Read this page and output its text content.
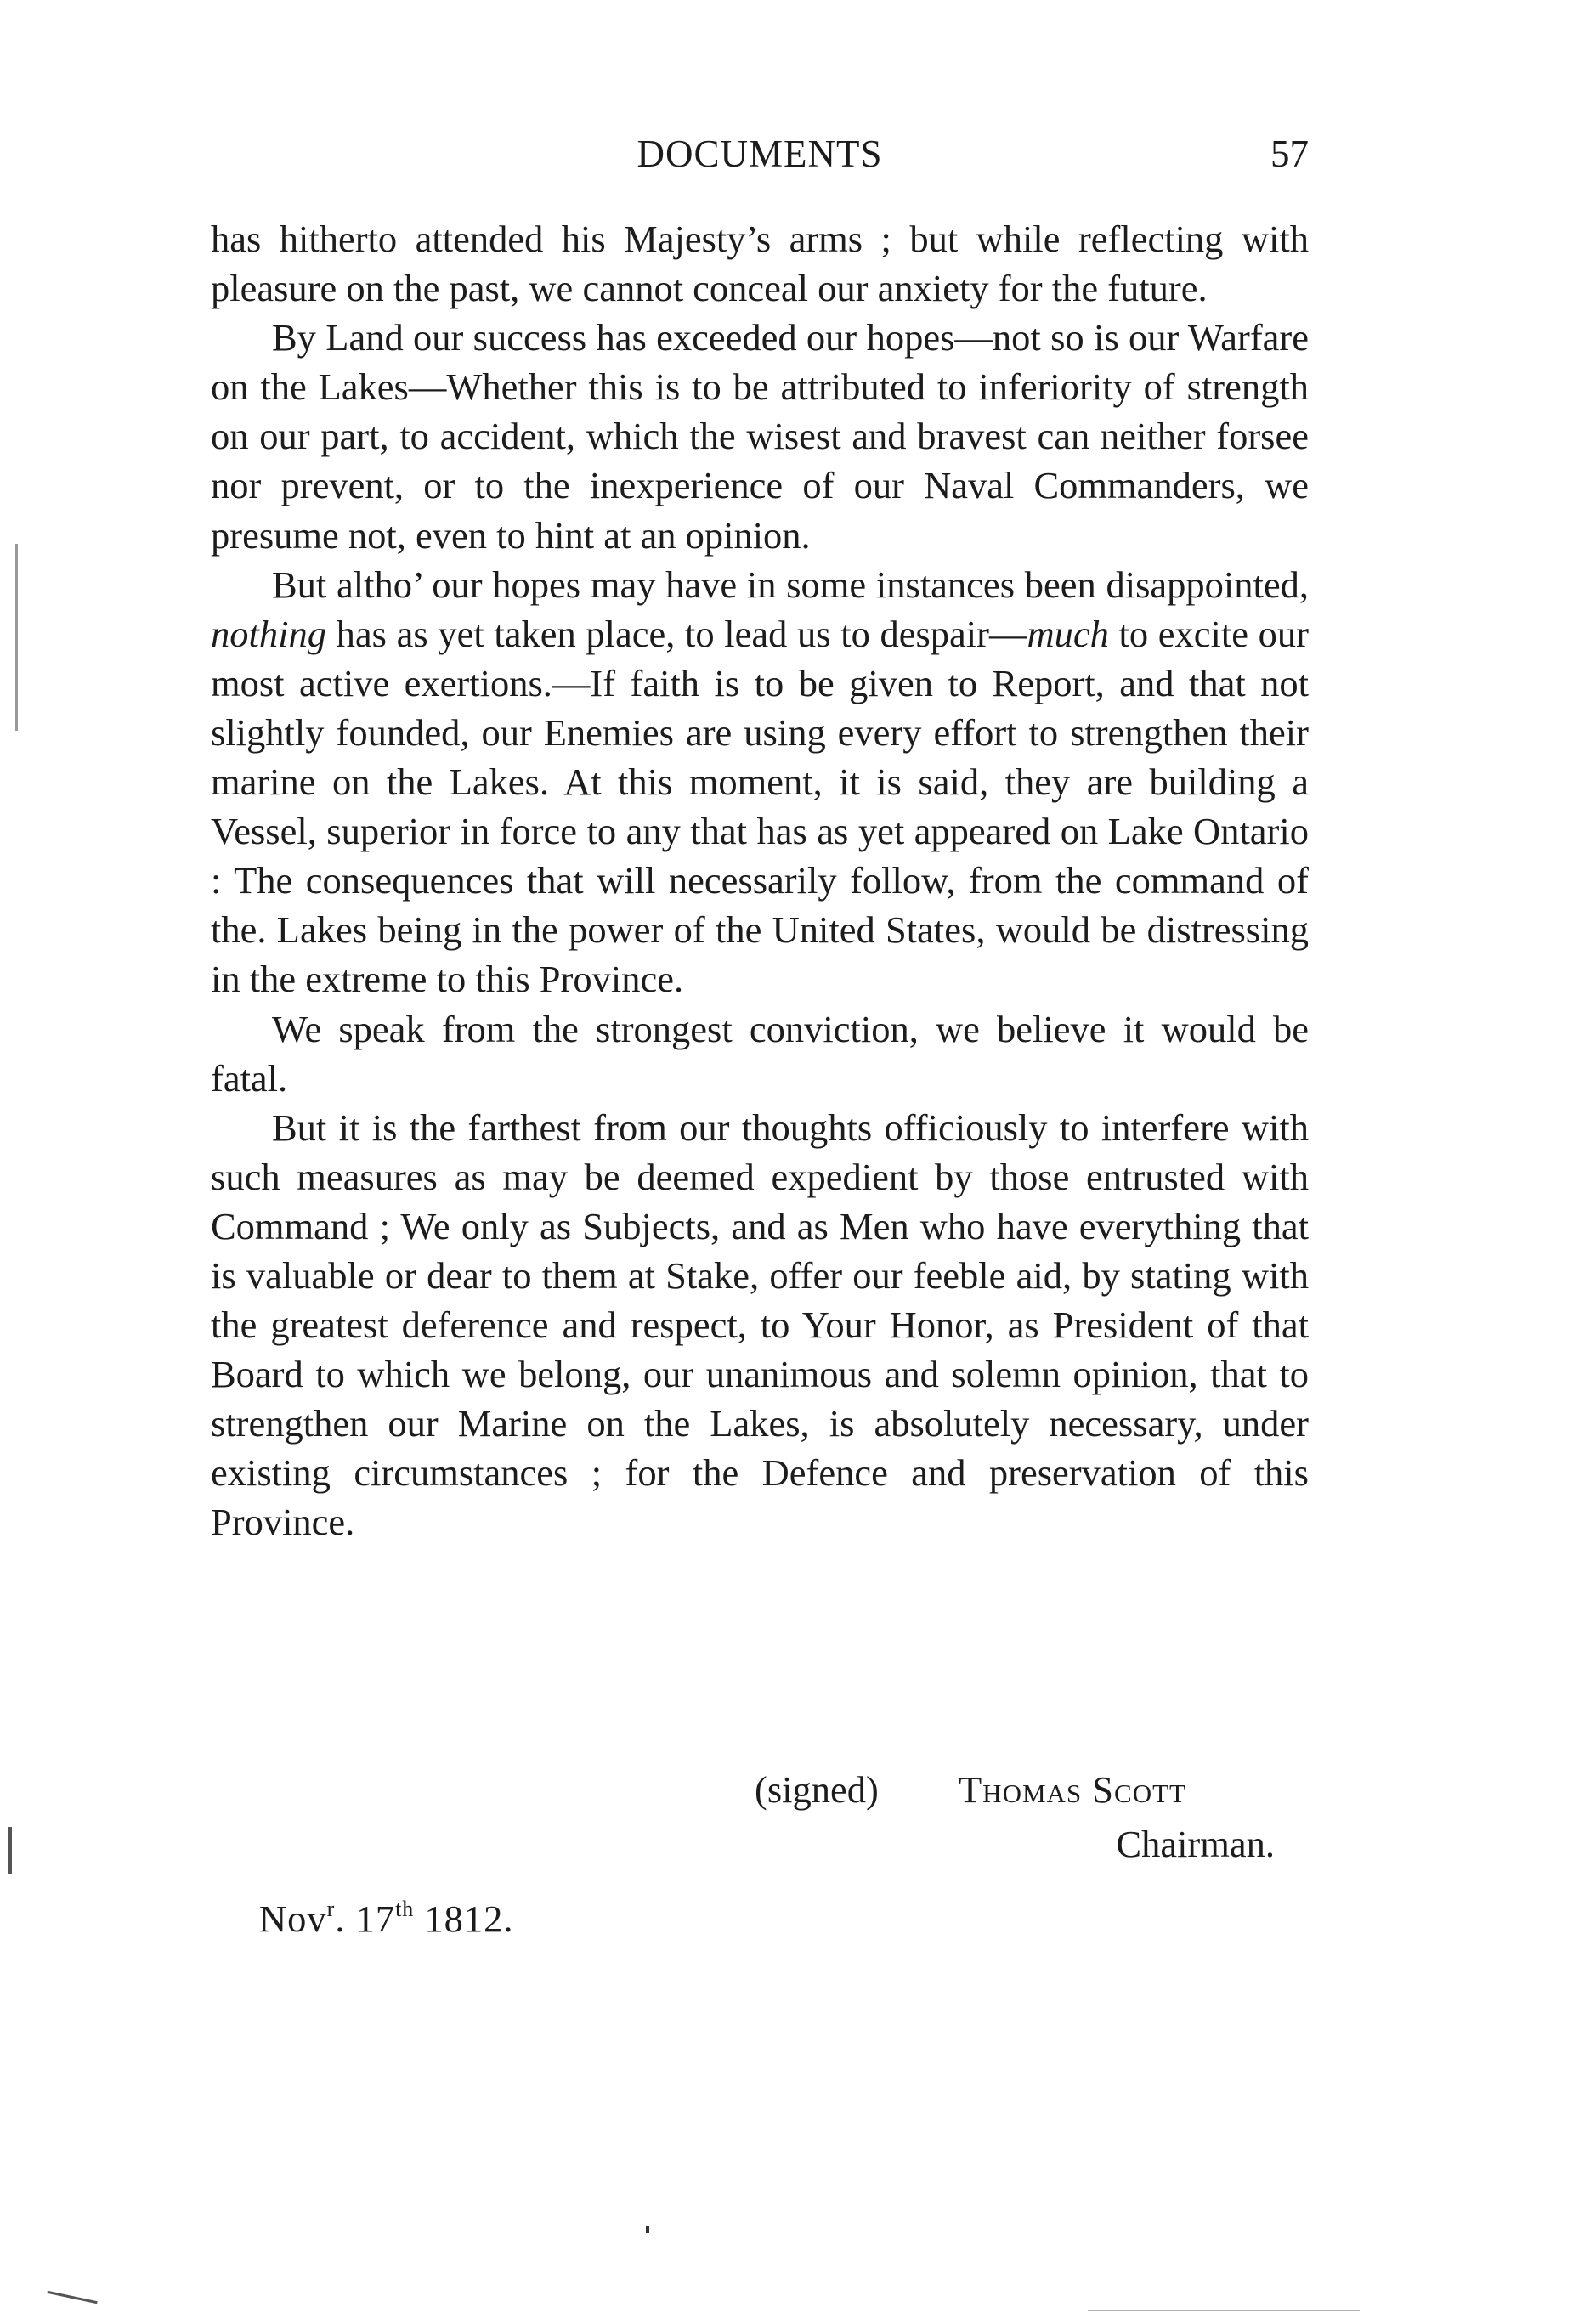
DOCUMENTS	57

has hitherto attended his Majesty’s arms ; but while reflecting with pleasure on the past, we cannot conceal our anxiety for the future.

By Land our success has exceeded our hopes—not so is our Warfare on the Lakes—Whether this is to be attributed to inferiority of strength on our part, to accident, which the wisest and bravest can neither forsee nor prevent, or to the inexperience of our Naval Commanders, we presume not, even to hint at an opinion.

But altho’ our hopes may have in some instances been disappointed, nothing has as yet taken place, to lead us to despair—much to excite our most active exertions.—If faith is to be given to Report, and that not slightly founded, our Enemies are using every effort to strengthen their marine on the Lakes. At this moment, it is said, they are building a Vessel, superior in force to any that has as yet appeared on Lake Ontario : The consequences that will necessarily follow, from the command of the. Lakes being in the power of the United States, would be distressing in the extreme to this Province.

We speak from the strongest conviction, we believe it would be fatal.

But it is the farthest from our thoughts officiously to interfere with such measures as may be deemed expedient by those entrusted with Command ; We only as Subjects, and as Men who have everything that is valuable or dear to them at Stake, offer our feeble aid, by stating with the greatest deference and respect, to Your Honor, as President of that Board to which we belong, our unanimous and solemn opinion, that to strengthen our Marine on the Lakes, is absolutely necessary, under existing circumstances ; for the Defence and preservation of this Province.

(signed) Thomas Scott
Chairman.
Nov$^r$. 17th 1812.
